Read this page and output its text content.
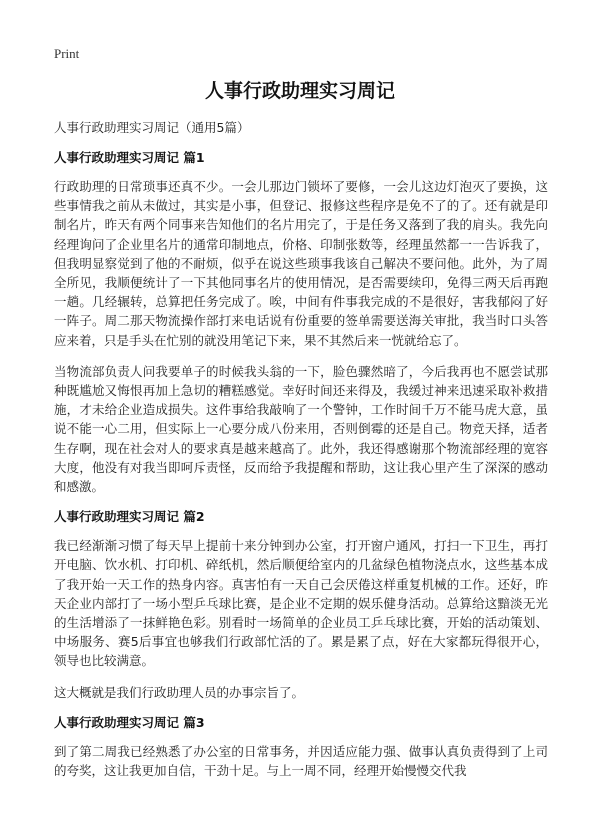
Print
人事行政助理实习周记
人事行政助理实习周记（通用5篇）
人事行政助理实习周记 篇1

行政助理的日常琐事还真不少。一会儿那边门锁坏了要修，一会儿这边灯泡灭了要换，这些事情我之前从未做过，其实是小事，但登记、报修这些程序是免不了的了。还有就是印制名片，昨天有两个同事来告知他们的名片用完了，于是任务又落到了我的肩头。我先向经理询问了企业里名片的通常印制地点，价格、印制张数等，经理虽然都一一告诉我了，但我明显察觉到了他的不耐烦，似乎在说这些琐事我该自己解决不要问他。此外，为了周全所见，我顺便统计了一下其他同事名片的使用情况，是否需要续印，免得三两天后再跑一趟。几经辗转，总算把任务完成了。唉，中间有件事我完成的不是很好，害我郁闷了好一阵子。周二那天物流操作部打来电话说有份重要的签单需要送海关审批，我当时口头答应来着，只是手头在忙别的就没用笔记下来，果不其然后来一恍就给忘了。

当物流部负责人问我要单子的时候我头翁的一下，脸色骤然暗了，今后我再也不愿尝试那种既尴尬又悔恨再加上急切的糟糕感觉。幸好时间还来得及，我缓过神来迅速采取补救措施，才未给企业造成损失。这件事给我敲响了一个警钟，工作时间千万不能马虎大意，虽说不能一心二用，但实际上一心要分成八份来用，否则倒霉的还是自己。物竞天择，适者生存啊，现在社会对人的要求真是越来越高了。此外，我还得感谢那个物流部经理的宽容大度，他没有对我当即呵斥责怪，反而给予我提醒和帮助，这让我心里产生了深深的感动和感激。

人事行政助理实习周记 篇2

我已经渐渐习惯了每天早上提前十来分钟到办公室，打开窗户通风，打扫一下卫生，再打开电脑、饮水机、打印机、碎纸机，然后顺便给室内的几盆绿色植物浇点水，这些基本成了我开始一天工作的热身内容。真害怕有一天自己会厌倦这样重复机械的工作。还好，昨天企业内部打了一场小型乒乓球比赛，是企业不定期的娱乐健身活动。总算给这黯淡无光的生活增添了一抹鲜艳色彩。别看时一场简单的企业员工乒乓球比赛，开始的活动策划、中场服务、赛5后事宜也够我们行政部忙活的了。累是累了点，好在大家都玩得很开心，领导也比较满意。

这大概就是我们行政助理人员的办事宗旨了。

人事行政助理实习周记 篇3

到了第二周我已经熟悉了办公室的日常事务，并因适应能力强、做事认真负责得到了上司的夸奖，这让我更加自信，干劲十足。与上一周不同，经理开始慢慢交代我
